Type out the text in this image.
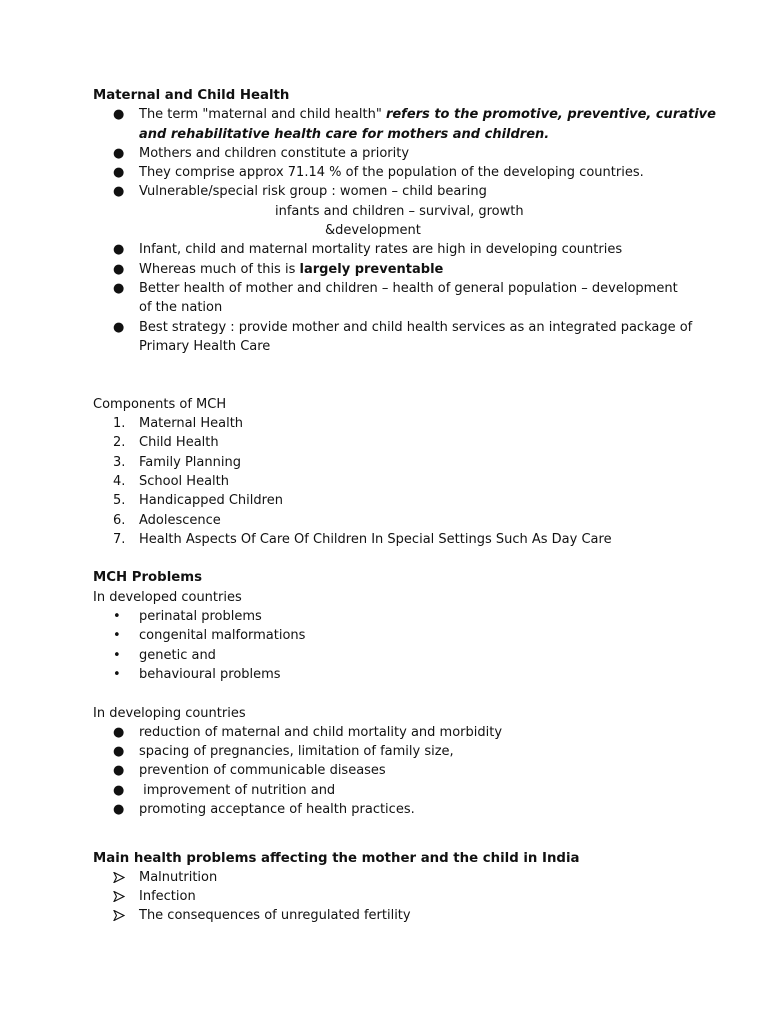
Maternal and Child Health
●	The term "maternal and child health" refers to the promotive, preventive, curative
and rehabilitative health care for mothers and children.
●	Mothers and children constitute a priority
●	They comprise approx 71.14 % of the population of the developing countries.
●	Vulnerable/special risk group : women – child bearing
infants and children – survival, growth
&development
●	Infant, child and maternal mortality rates are high in developing countries
●	Whereas much of this is largely preventable
●	Better health of mother and children – health of general population – development
of the nation
●	Best strategy : provide mother and child health services as an integrated package of
Primary Health Care
Components of MCH
1.	Maternal Health
2.	Child Health
3.	Family Planning
4.	School Health
5.	Handicapped Children
6.	Adolescence
7.	Health Aspects Of Care Of Children In Special Settings Such As Day Care
MCH Problems
In developed countries
•	perinatal problems
•	congenital malformations
•	genetic and
•	behavioural problems
In developing countries
●	reduction of maternal and child mortality and morbidity
●	spacing of pregnancies, limitation of family size,
●	prevention of communicable diseases
●	improvement of nutrition and
●	promoting acceptance of health practices.
Main health problems affecting the mother and the child in India
Malnutrition
Infection
The consequences of unregulated fertility
